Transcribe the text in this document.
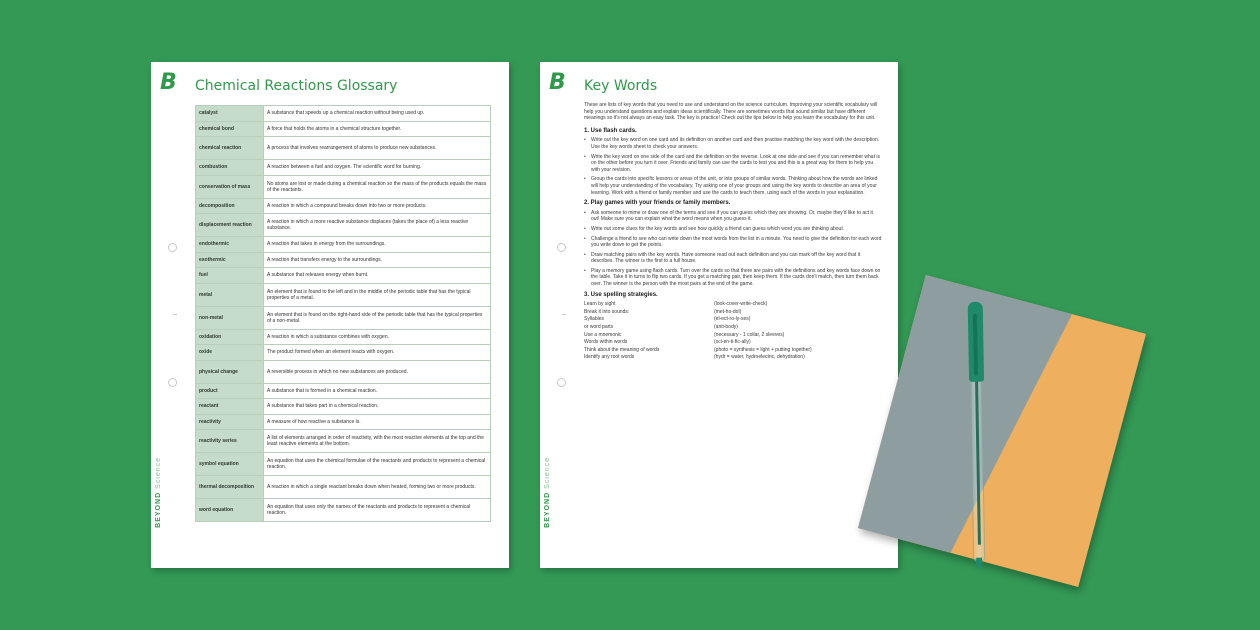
B
BEYOND Science
Chemical Reactions Glossary
catalyst	A substance that speeds up a chemical reaction without being used up.
chemical bond	A force that holds the atoms in a chemical structure together.
chemical reaction	A process that involves rearrangement of atoms to produce new substances.
combustion	A reaction between a fuel and oxygen. The scientific word for burning.
conservation of mass	No atoms are lost or made during a chemical reaction so the mass of the products equals the mass of the reactants.
decomposition	A reaction in which a compound breaks down into two or more products.
displacement reaction	A reaction in which a more reactive substance displaces (takes the place of) a less reactive substance.
endothermic	A reaction that takes in energy from the surroundings.
exothermic	A reaction that transfers energy to the surroundings.
fuel	A substance that releases energy when burnt.
metal	An element that is found to the left and in the middle of the periodic table that has the typical properties of a metal.
non-metal	An element that is found on the right-hand side of the periodic table that has the typical properties of a non-metal.
oxidation	A reaction in which a substance combines with oxygen.
oxide	The product formed when an element reacts with oxygen.
physical change	A reversible process in which no new substances are produced.
product	A substance that is formed in a chemical reaction.
reactant	A substance that takes part in a chemical reaction.
reactivity	A measure of how reactive a substance is.
reactivity series	A list of elements arranged in order of reactivity, with the most reactive elements at the top and the least reactive elements at the bottom.
symbol equation	An equation that uses the chemical formulae of the reactants and products to represent a chemical reaction.
thermal decomposition	A reaction in which a single reactant breaks down when heated, forming two or more products.
word equation	An equation that uses only the names of the reactants and products to represent a chemical reaction.
B
BEYOND Science
Key Words

These are lists of key words that you need to use and understand on the science curriculum. Improving your scientific vocabulary will help you understand questions and explain ideas scientifically. There are sometimes words that sound similar but have different meanings so it's not always an easy task. The key is practice! Check out the tips below to help you learn the vocabulary for this unit.

1. Use flash cards.
• Write out the key word on one card and its definition on another card and then practise matching the key word with the description. Use the key words sheet to check your answers.
• Write the key word on one side of the card and the definition on the reverse. Look at one side and see if you can remember what is on the other before you turn it over. Friends and family can use the cards to test you and this is a great way for them to help you with your revision.
• Group the cards into specific lessons or areas of the unit, or into groups of similar words. Thinking about how the words are linked will help your understanding of the vocabulary. Try asking one of your groups and using the key words to describe an area of your learning. Work with a friend or family member and use the cards to teach them, using each of the words in your explanation.
2. Play games with your friends or family members.
• Ask someone to mime or draw one of the terms and see if you can guess which they are showing. Or, maybe they'd like to act it out! Make sure you can explain what the word means when you guess it.
• Write out some clues for the key words and see how quickly a friend can guess which word you are thinking about.
• Challenge a friend to see who can write down the most words from the list in a minute. You need to give the definition for each word you write down to get the points.
• Draw matching pairs with the key words. Have someone read out each definition and you can mark off the key word that it describes. The winner is the first to a full house.
• Play a memory game using flash cards. Turn over the cards so that there are pairs with the definitions and key words face down on the table. Take it in turns to flip two cards. If you get a matching pair, then keep them. If the cards don't match, then turn them back over. The winner is the person with the most pairs at the end of the game.
3. Use spelling strategies.
Learn by sight	(look-cover-write-check)
Break it into sounds:	(met-ho-dol)
Syllables	(el-ect-ro-ly-ses)
or word parts	(anti-body)
Use a mnemonic	(necessary - 1 collar, 2 sleeves)
Words within words	(sci-en-ti-fic-ally)
Think about the meaning of words	(photo = synthesis = light + putting together)
Identify any root words	(hydr = water, hydroelectric, dehydration)
